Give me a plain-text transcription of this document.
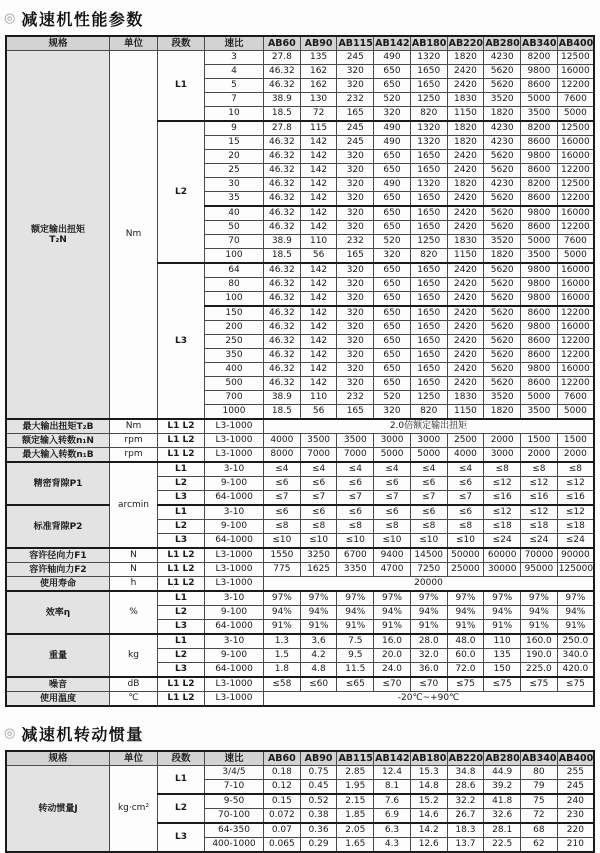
◎ 减速机性能参数
规格	单位	段数	速比	AB60	AB90	AB115	AB142	AB180	AB220	AB280	AB340	AB400
额定输出扭矩
T₂N	Nm	L1	3	27.8	135	245	490	1320	1820	4230	8200	12500
			4	46.32	162	320	650	1650	2420	5620	9800	16000
			5	46.32	162	320	650	1650	2420	5620	8600	12200
			7	38.9	130	232	520	1250	1830	3520	5000	7600
			10	18.5	72	165	320	820	1150	1820	3500	5000
		L2	9	27.8	115	245	490	1320	1820	4230	8200	12500
			15	46.32	142	245	490	1320	1820	4230	8600	16000
			20	46.32	142	320	650	1650	2420	5620	9800	16000
			25	46.32	142	320	650	1650	2420	5620	8600	12200
			30	46.32	142	320	490	1320	1820	4230	8200	12500
			35	46.32	142	320	650	1650	2420	5620	8600	12200
			40	46.32	142	320	650	1650	2420	5620	9800	16000
			50	46.32	142	320	650	1650	2420	5620	8600	12200
			70	38.9	110	232	520	1250	1830	3520	5000	7600
			100	18.5	56	165	320	820	1150	1820	3500	5000
		L3	64	46.32	142	320	650	1650	2420	5620	9800	16000
			80	46.32	142	320	650	1650	2420	5620	9800	16000
			100	46.32	142	320	650	1650	2420	5620	9800	16000
			150	46.32	142	320	650	1650	2420	5620	8600	12200
			200	46.32	142	320	650	1650	2420	5620	9800	16000
			250	46.32	142	320	650	1650	2420	5620	8600	12200
			350	46.32	142	320	650	1650	2420	5620	8600	12200
			400	46.32	142	320	650	1650	2420	5620	9800	16000
			500	46.32	142	320	650	1650	2420	5620	8600	12200
			700	38.9	110	232	520	1250	1830	3520	5000	7600
			1000	18.5	56	165	320	820	1150	1820	3500	5000
最大输出扭矩T₂B	Nm	L1 L2	L3-1000	2.0倍额定输出扭矩								
额定输入转数n₁N	rpm	L1 L2	L3-1000	4000	3500	3500	3000	3000	2500	2000	1500	1500
最大输入转数n₁B	rpm	L1 L2	L3-1000	8000	7000	7000	5000	5000	4000	3000	2000	2000
精密背隙P1	arcmin	L1	3-10	≤4	≤4	≤4	≤4	≤4	≤4	≤8	≤8	≤8
		L2	9-100	≤6	≤6	≤6	≤6	≤6	≤6	≤12	≤12	≤12
		L3	64-1000	≤7	≤7	≤7	≤7	≤7	≤7	≤16	≤16	≤16
标准背隙P2		L1	3-10	≤6	≤6	≤6	≤6	≤6	≤6	≤12	≤12	≤12
		L2	9-100	≤8	≤8	≤8	≤8	≤8	≤8	≤18	≤18	≤18
		L3	64-1000	≤10	≤10	≤10	≤10	≤10	≤10	≤24	≤24	≤24
容许径向力F1	N	L1 L2	L3-1000	1550	3250	6700	9400	14500	50000	60000	70000	90000
容许轴向力F2	N	L1 L2	L3-1000	775	1625	3350	4700	7250	25000	30000	95000	125000
使用寿命	h	L1 L2	L3-1000	20000								
效率η	%	L1	3-10	97%	97%	97%	97%	97%	97%	97%	97%	97%
		L2	9-100	94%	94%	94%	94%	94%	94%	94%	94%	94%
		L3	64-1000	91%	91%	91%	91%	91%	91%	91%	91%	91%
重量	kg	L1	3-10	1.3	3.6	7.5	16.0	28.0	48.0	110	160.0	250.0
		L2	9-100	1.5	4.2	9.5	20.0	32.0	60.0	135	190.0	340.0
		L3	64-1000	1.8	4.8	11.5	24.0	36.0	72.0	150	225.0	420.0
噪音	dB	L1 L2	L3-1000	≤58	≤60	≤65	≤70	≤70	≤75	≤75	≤75	≤75
使用温度	℃	L1 L2	L3-1000	-20℃~+90℃								
◎ 减速机转动惯量
规格	单位	段数	速比	AB60	AB90	AB115	AB142	AB180	AB220	AB280	AB340	AB400
转动惯量J	kg·cm²	L1	3/4/5	0.18	0.75	2.85	12.4	15.3	34.8	44.9	80	255
			7-10	0.12	0.45	1.95	8.1	14.8	28.6	39.2	79	245
		L2	9-50	0.15	0.52	2.15	7.6	15.2	32.2	41.8	75	240
			70-100	0.072	0.38	1.85	6.9	14.6	26.7	32.6	72	230
		L3	64-350	0.07	0.36	2.05	6.3	14.2	18.3	28.1	68	220
			400-1000	0.065	0.29	1.65	4.3	12.6	13.7	22.5	62	210
